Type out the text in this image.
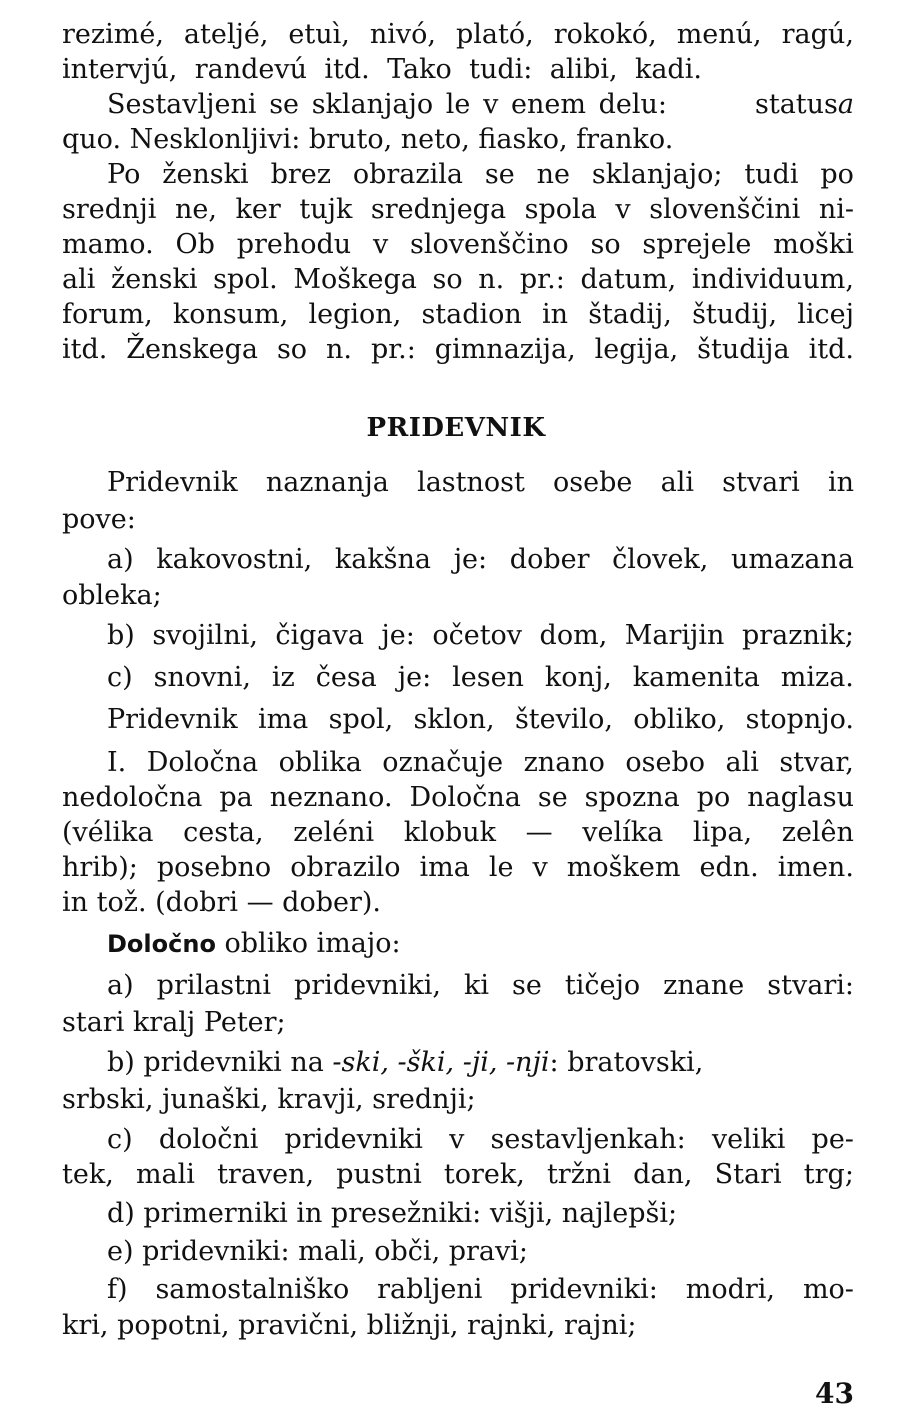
rezimé, ateljé, etuì, nivó, plató, rokokó, menú, ragú,
intervjú, randevú itd. Tako tudi: alibi, kadi.
Sestavljeni se sklanjajo le v enem delu:	statusa
quo. Nesklonljivi: bruto, neto, fiasko, franko.
Po ženski brez obrazila se ne sklanjajo; tudi po
srednji ne, ker tujk srednjega spola v slovenščini ni-
mamo. Ob prehodu v slovenščino so sprejele moški
ali ženski spol. Moškega so n. pr.: datum, individuum,
forum, konsum, legion, stadion in štadij, študij, licej
itd. Ženskega so n. pr.: gimnazija, legija, študija itd.
PRIDEVNIK
Pridevnik naznanja lastnost osebe ali stvari in
pove:
a) kakovostni, kakšna je: dober človek, umazana
obleka;
b) svojilni, čigava je: očetov dom, Marijin praznik;
c) snovni, iz česa je: lesen konj, kamenita miza.
Pridevnik ima spol, sklon, število, obliko, stopnjo.
I. Določna oblika označuje znano osebo ali stvar,
nedoločna pa neznano. Določna se spozna po naglasu
(vélika cesta, zeléni klobuk — velíka lipa, zelên
hrib); posebno obrazilo ima le v moškem edn. imen.
in tož. (dobri — dober).
Določno obliko imajo:
a) prilastni pridevniki, ki se tičejo znane stvari:
stari kralj Peter;
b) pridevniki na -ski, -ški, -ji, -nji: bratovski,
srbski, junaški, kravji, srednji;
c) določni pridevniki v sestavljenkah: veliki pe-
tek, mali traven, pustni torek, tržni dan, Stari trg;
d) primerniki in presežniki: višji, najlepši;
e) pridevniki: mali, obči, pravi;
f) samostalniško rabljeni pridevniki: modri, mo-
kri, popotni, pravični, bližnji, rajnki, rajni;
43
